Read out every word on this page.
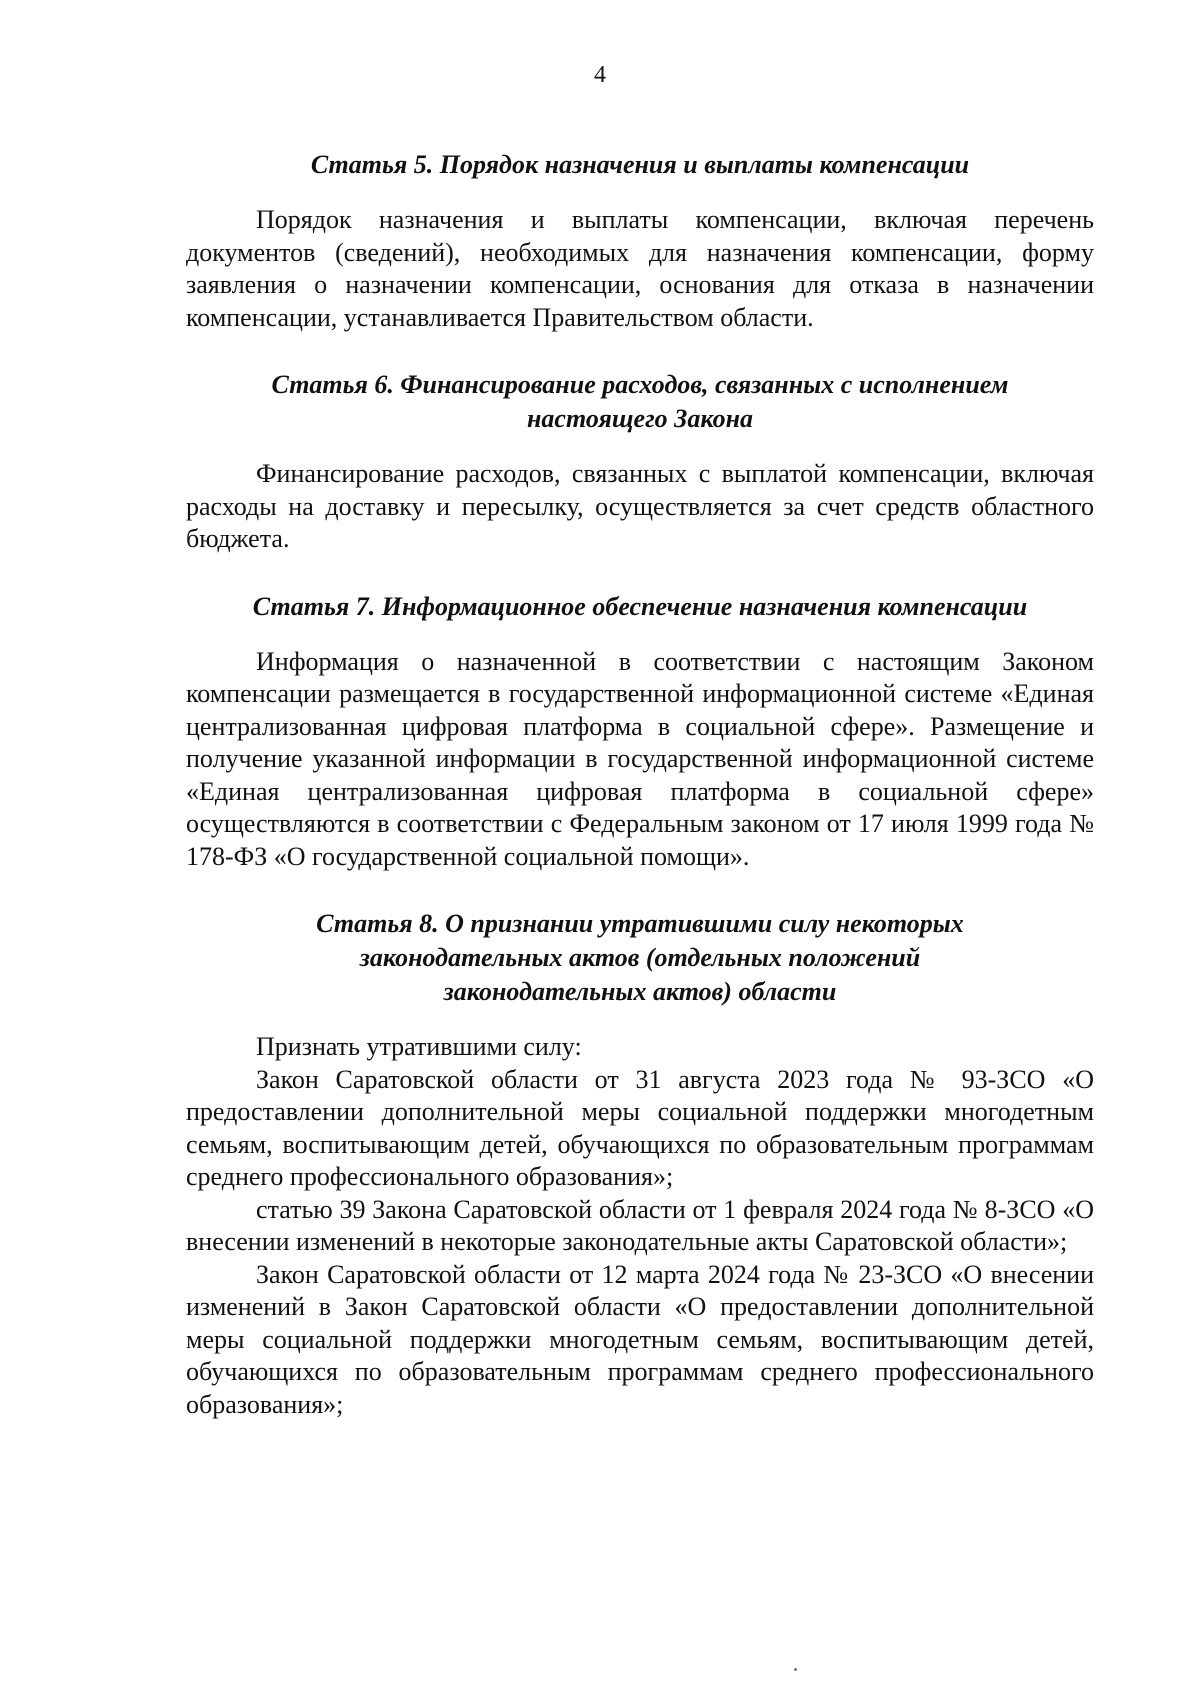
4
Статья 5. Порядок назначения и выплаты компенсации

Порядок назначения и выплаты компенсации, включая перечень документов (сведений), необходимых для назначения компенсации, форму заявления о назначении компенсации, основания для отказа в назначении компенсации, устанавливается Правительством области.

Статья 6. Финансирование расходов, связанных с исполнением
настоящего Закона

Финансирование расходов, связанных с выплатой компенсации, включая расходы на доставку и пересылку, осуществляется за счет средств областного бюджета.

Статья 7. Информационное обеспечение назначения компенсации

Информация о назначенной в соответствии с настоящим Законом компенсации размещается в государственной информационной системе «Единая централизованная цифровая платформа в социальной сфере». Размещение и получение указанной информации в государственной информационной системе «Единая централизованная цифровая платформа в социальной сфере» осуществляются в соответствии с Федеральным законом от 17 июля 1999 года № 178-ФЗ «О государственной социальной помощи».

Статья 8. О признании утратившими силу некоторых
законодательных актов (отдельных положений
законодательных актов) области

Признать утратившими силу:

Закон Саратовской области от 31 августа 2023 года № 93-ЗСО «О предоставлении дополнительной меры социальной поддержки многодетным семьям, воспитывающим детей, обучающихся по образовательным программам среднего профессионального образования»;

статью 39 Закона Саратовской области от 1 февраля 2024 года № 8-ЗСО «О внесении изменений в некоторые законодательные акты Саратовской области»;

Закон Саратовской области от 12 марта 2024 года № 23-ЗСО «О внесении изменений в Закон Саратовской области «О предоставлении дополнительной меры социальной поддержки многодетным семьям, воспитывающим детей, обучающихся по образовательным программам среднего профессионального образования»;
